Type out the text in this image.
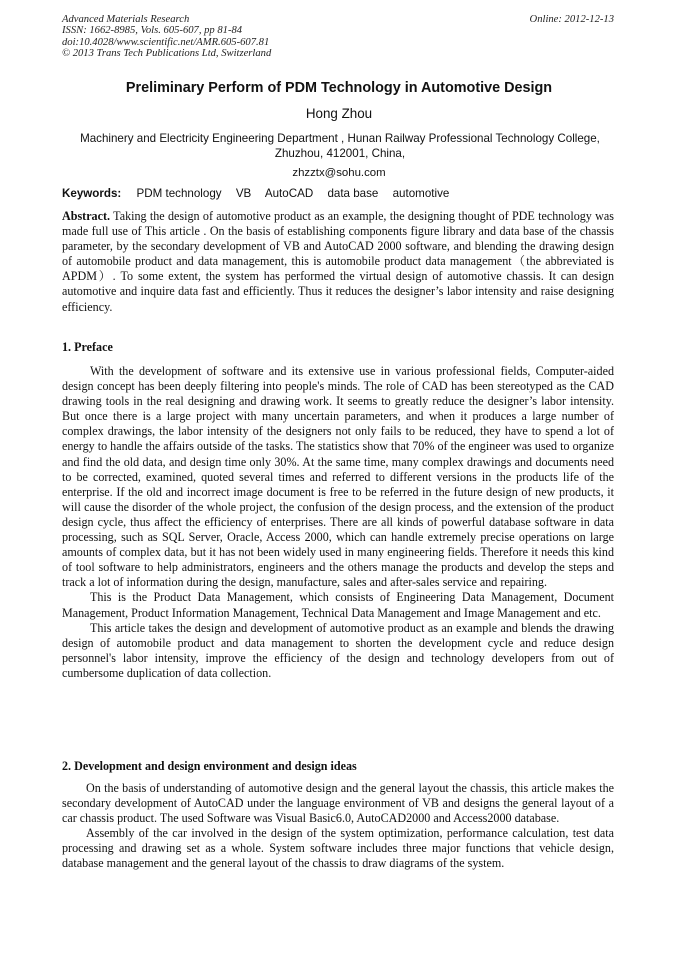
Advanced Materials Research
ISSN: 1662-8985, Vols. 605-607, pp 81-84
doi:10.4028/www.scientific.net/AMR.605-607.81
© 2013 Trans Tech Publications Ltd, Switzerland
Online: 2012-12-13
Preliminary Perform of PDM Technology in Automotive Design
Hong Zhou
Machinery and Electricity Engineering Department , Hunan Railway Professional Technology College, Zhuzhou, 412001, China,
zhzztx@sohu.com
Keywords: PDM technology VB AutoCAD data base automotive

Abstract. Taking the design of automotive product as an example, the designing thought of PDE technology was made full use of This article . On the basis of establishing components figure library and data base of the chassis parameter, by the secondary development of VB and AutoCAD 2000 software, and blending the drawing design of automobile product and data management, this is automobile product data management（the abbreviated is APDM）. To some extent, the system has performed the virtual design of automotive chassis. It can design automotive and inquire data fast and efficiently. Thus it reduces the designer’s labor intensity and raise designing efficiency.

1. Preface

With the development of software and its extensive use in various professional fields, Computer-aided design concept has been deeply filtering into people's minds. The role of CAD has been stereotyped as the CAD drawing tools in the real designing and drawing work. It seems to greatly reduce the designer’s labor intensity. But once there is a large project with many uncertain parameters, and when it produces a large number of complex drawings, the labor intensity of the designers not only fails to be reduced, they have to spend a lot of energy to handle the affairs outside of the tasks. The statistics show that 70% of the engineer was used to organize and find the old data, and design time only 30%. At the same time, many complex drawings and documents need to be corrected, examined, quoted several times and referred to different versions in the products life of the enterprise. If the old and incorrect image document is free to be referred in the future design of new products, it will cause the disorder of the whole project, the confusion of the design process, and the extension of the product design cycle, thus affect the efficiency of enterprises. There are all kinds of powerful database software in data processing, such as SQL Server, Oracle, Access 2000, which can handle extremely precise operations on large amounts of complex data, but it has not been widely used in many engineering fields. Therefore it needs this kind of tool software to help administrators, engineers and the others manage the products and develop the steps and track a lot of information during the design, manufacture, sales and after-sales service and repairing.

This is the Product Data Management, which consists of Engineering Data Management, Document Management, Product Information Management, Technical Data Management and Image Management and etc.

This article takes the design and development of automotive product as an example and blends the drawing design of automobile product and data management to shorten the development cycle and reduce design personnel's labor intensity, improve the efficiency of the design and technology developers from out of cumbersome duplication of data collection.

2. Development and design environment and design ideas

On the basis of understanding of automotive design and the general layout the chassis, this article makes the secondary development of AutoCAD under the language environment of VB and designs the general layout of a car chassis product. The used Software was Visual Basic6.0, AutoCAD2000 and Access2000 database.

Assembly of the car involved in the design of the system optimization, performance calculation, test data processing and drawing set as a whole. System software includes three major functions that vehicle design, database management and the general layout of the chassis to draw diagrams of the system.
